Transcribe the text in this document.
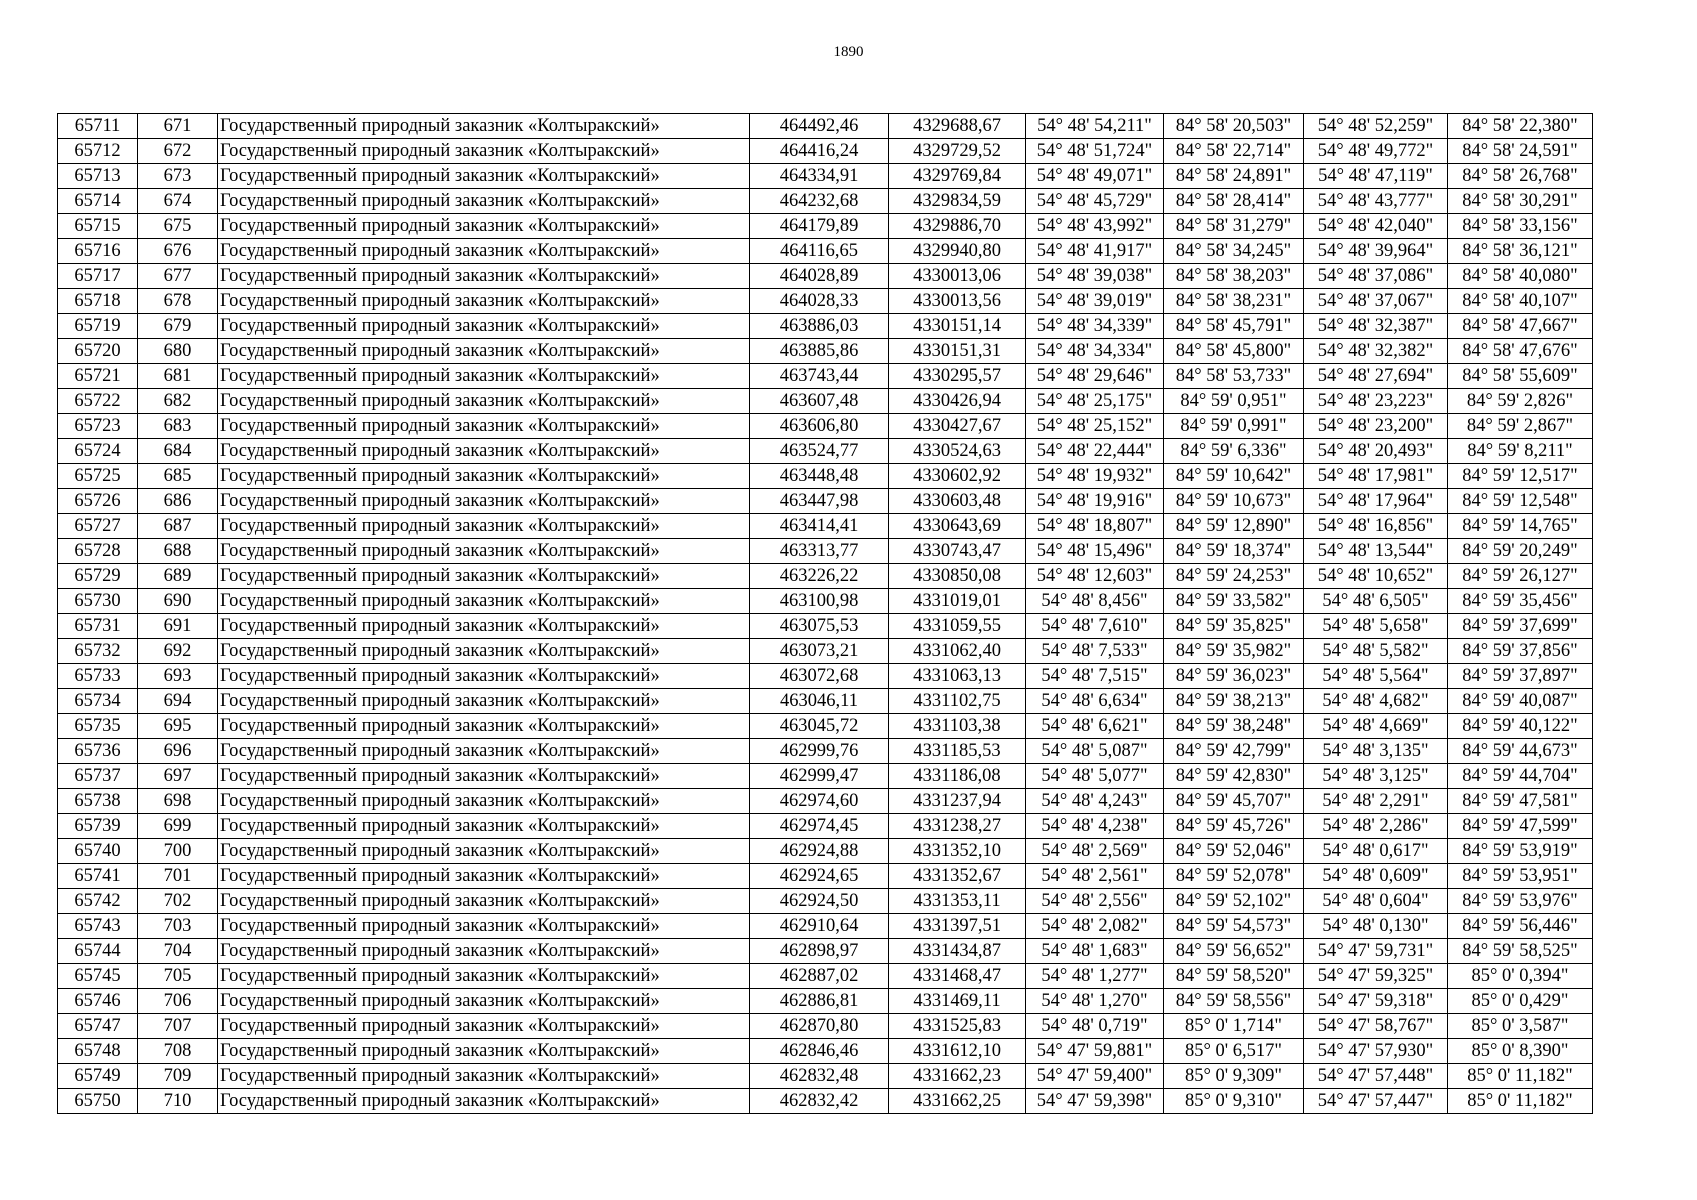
1890
65711	671	Государственный природный заказник «Колтыракский»	464492,46	4329688,67	54° 48' 54,211"	84° 58' 20,503"	54° 48' 52,259"	84° 58' 22,380"
65712	672	Государственный природный заказник «Колтыракский»	464416,24	4329729,52	54° 48' 51,724"	84° 58' 22,714"	54° 48' 49,772"	84° 58' 24,591"
65713	673	Государственный природный заказник «Колтыракский»	464334,91	4329769,84	54° 48' 49,071"	84° 58' 24,891"	54° 48' 47,119"	84° 58' 26,768"
65714	674	Государственный природный заказник «Колтыракский»	464232,68	4329834,59	54° 48' 45,729"	84° 58' 28,414"	54° 48' 43,777"	84° 58' 30,291"
65715	675	Государственный природный заказник «Колтыракский»	464179,89	4329886,70	54° 48' 43,992"	84° 58' 31,279"	54° 48' 42,040"	84° 58' 33,156"
65716	676	Государственный природный заказник «Колтыракский»	464116,65	4329940,80	54° 48' 41,917"	84° 58' 34,245"	54° 48' 39,964"	84° 58' 36,121"
65717	677	Государственный природный заказник «Колтыракский»	464028,89	4330013,06	54° 48' 39,038"	84° 58' 38,203"	54° 48' 37,086"	84° 58' 40,080"
65718	678	Государственный природный заказник «Колтыракский»	464028,33	4330013,56	54° 48' 39,019"	84° 58' 38,231"	54° 48' 37,067"	84° 58' 40,107"
65719	679	Государственный природный заказник «Колтыракский»	463886,03	4330151,14	54° 48' 34,339"	84° 58' 45,791"	54° 48' 32,387"	84° 58' 47,667"
65720	680	Государственный природный заказник «Колтыракский»	463885,86	4330151,31	54° 48' 34,334"	84° 58' 45,800"	54° 48' 32,382"	84° 58' 47,676"
65721	681	Государственный природный заказник «Колтыракский»	463743,44	4330295,57	54° 48' 29,646"	84° 58' 53,733"	54° 48' 27,694"	84° 58' 55,609"
65722	682	Государственный природный заказник «Колтыракский»	463607,48	4330426,94	54° 48' 25,175"	84° 59' 0,951"	54° 48' 23,223"	84° 59' 2,826"
65723	683	Государственный природный заказник «Колтыракский»	463606,80	4330427,67	54° 48' 25,152"	84° 59' 0,991"	54° 48' 23,200"	84° 59' 2,867"
65724	684	Государственный природный заказник «Колтыракский»	463524,77	4330524,63	54° 48' 22,444"	84° 59' 6,336"	54° 48' 20,493"	84° 59' 8,211"
65725	685	Государственный природный заказник «Колтыракский»	463448,48	4330602,92	54° 48' 19,932"	84° 59' 10,642"	54° 48' 17,981"	84° 59' 12,517"
65726	686	Государственный природный заказник «Колтыракский»	463447,98	4330603,48	54° 48' 19,916"	84° 59' 10,673"	54° 48' 17,964"	84° 59' 12,548"
65727	687	Государственный природный заказник «Колтыракский»	463414,41	4330643,69	54° 48' 18,807"	84° 59' 12,890"	54° 48' 16,856"	84° 59' 14,765"
65728	688	Государственный природный заказник «Колтыракский»	463313,77	4330743,47	54° 48' 15,496"	84° 59' 18,374"	54° 48' 13,544"	84° 59' 20,249"
65729	689	Государственный природный заказник «Колтыракский»	463226,22	4330850,08	54° 48' 12,603"	84° 59' 24,253"	54° 48' 10,652"	84° 59' 26,127"
65730	690	Государственный природный заказник «Колтыракский»	463100,98	4331019,01	54° 48' 8,456"	84° 59' 33,582"	54° 48' 6,505"	84° 59' 35,456"
65731	691	Государственный природный заказник «Колтыракский»	463075,53	4331059,55	54° 48' 7,610"	84° 59' 35,825"	54° 48' 5,658"	84° 59' 37,699"
65732	692	Государственный природный заказник «Колтыракский»	463073,21	4331062,40	54° 48' 7,533"	84° 59' 35,982"	54° 48' 5,582"	84° 59' 37,856"
65733	693	Государственный природный заказник «Колтыракский»	463072,68	4331063,13	54° 48' 7,515"	84° 59' 36,023"	54° 48' 5,564"	84° 59' 37,897"
65734	694	Государственный природный заказник «Колтыракский»	463046,11	4331102,75	54° 48' 6,634"	84° 59' 38,213"	54° 48' 4,682"	84° 59' 40,087"
65735	695	Государственный природный заказник «Колтыракский»	463045,72	4331103,38	54° 48' 6,621"	84° 59' 38,248"	54° 48' 4,669"	84° 59' 40,122"
65736	696	Государственный природный заказник «Колтыракский»	462999,76	4331185,53	54° 48' 5,087"	84° 59' 42,799"	54° 48' 3,135"	84° 59' 44,673"
65737	697	Государственный природный заказник «Колтыракский»	462999,47	4331186,08	54° 48' 5,077"	84° 59' 42,830"	54° 48' 3,125"	84° 59' 44,704"
65738	698	Государственный природный заказник «Колтыракский»	462974,60	4331237,94	54° 48' 4,243"	84° 59' 45,707"	54° 48' 2,291"	84° 59' 47,581"
65739	699	Государственный природный заказник «Колтыракский»	462974,45	4331238,27	54° 48' 4,238"	84° 59' 45,726"	54° 48' 2,286"	84° 59' 47,599"
65740	700	Государственный природный заказник «Колтыракский»	462924,88	4331352,10	54° 48' 2,569"	84° 59' 52,046"	54° 48' 0,617"	84° 59' 53,919"
65741	701	Государственный природный заказник «Колтыракский»	462924,65	4331352,67	54° 48' 2,561"	84° 59' 52,078"	54° 48' 0,609"	84° 59' 53,951"
65742	702	Государственный природный заказник «Колтыракский»	462924,50	4331353,11	54° 48' 2,556"	84° 59' 52,102"	54° 48' 0,604"	84° 59' 53,976"
65743	703	Государственный природный заказник «Колтыракский»	462910,64	4331397,51	54° 48' 2,082"	84° 59' 54,573"	54° 48' 0,130"	84° 59' 56,446"
65744	704	Государственный природный заказник «Колтыракский»	462898,97	4331434,87	54° 48' 1,683"	84° 59' 56,652"	54° 47' 59,731"	84° 59' 58,525"
65745	705	Государственный природный заказник «Колтыракский»	462887,02	4331468,47	54° 48' 1,277"	84° 59' 58,520"	54° 47' 59,325"	85° 0' 0,394"
65746	706	Государственный природный заказник «Колтыракский»	462886,81	4331469,11	54° 48' 1,270"	84° 59' 58,556"	54° 47' 59,318"	85° 0' 0,429"
65747	707	Государственный природный заказник «Колтыракский»	462870,80	4331525,83	54° 48' 0,719"	85° 0' 1,714"	54° 47' 58,767"	85° 0' 3,587"
65748	708	Государственный природный заказник «Колтыракский»	462846,46	4331612,10	54° 47' 59,881"	85° 0' 6,517"	54° 47' 57,930"	85° 0' 8,390"
65749	709	Государственный природный заказник «Колтыракский»	462832,48	4331662,23	54° 47' 59,400"	85° 0' 9,309"	54° 47' 57,448"	85° 0' 11,182"
65750	710	Государственный природный заказник «Колтыракский»	462832,42	4331662,25	54° 47' 59,398"	85° 0' 9,310"	54° 47' 57,447"	85° 0' 11,182"
